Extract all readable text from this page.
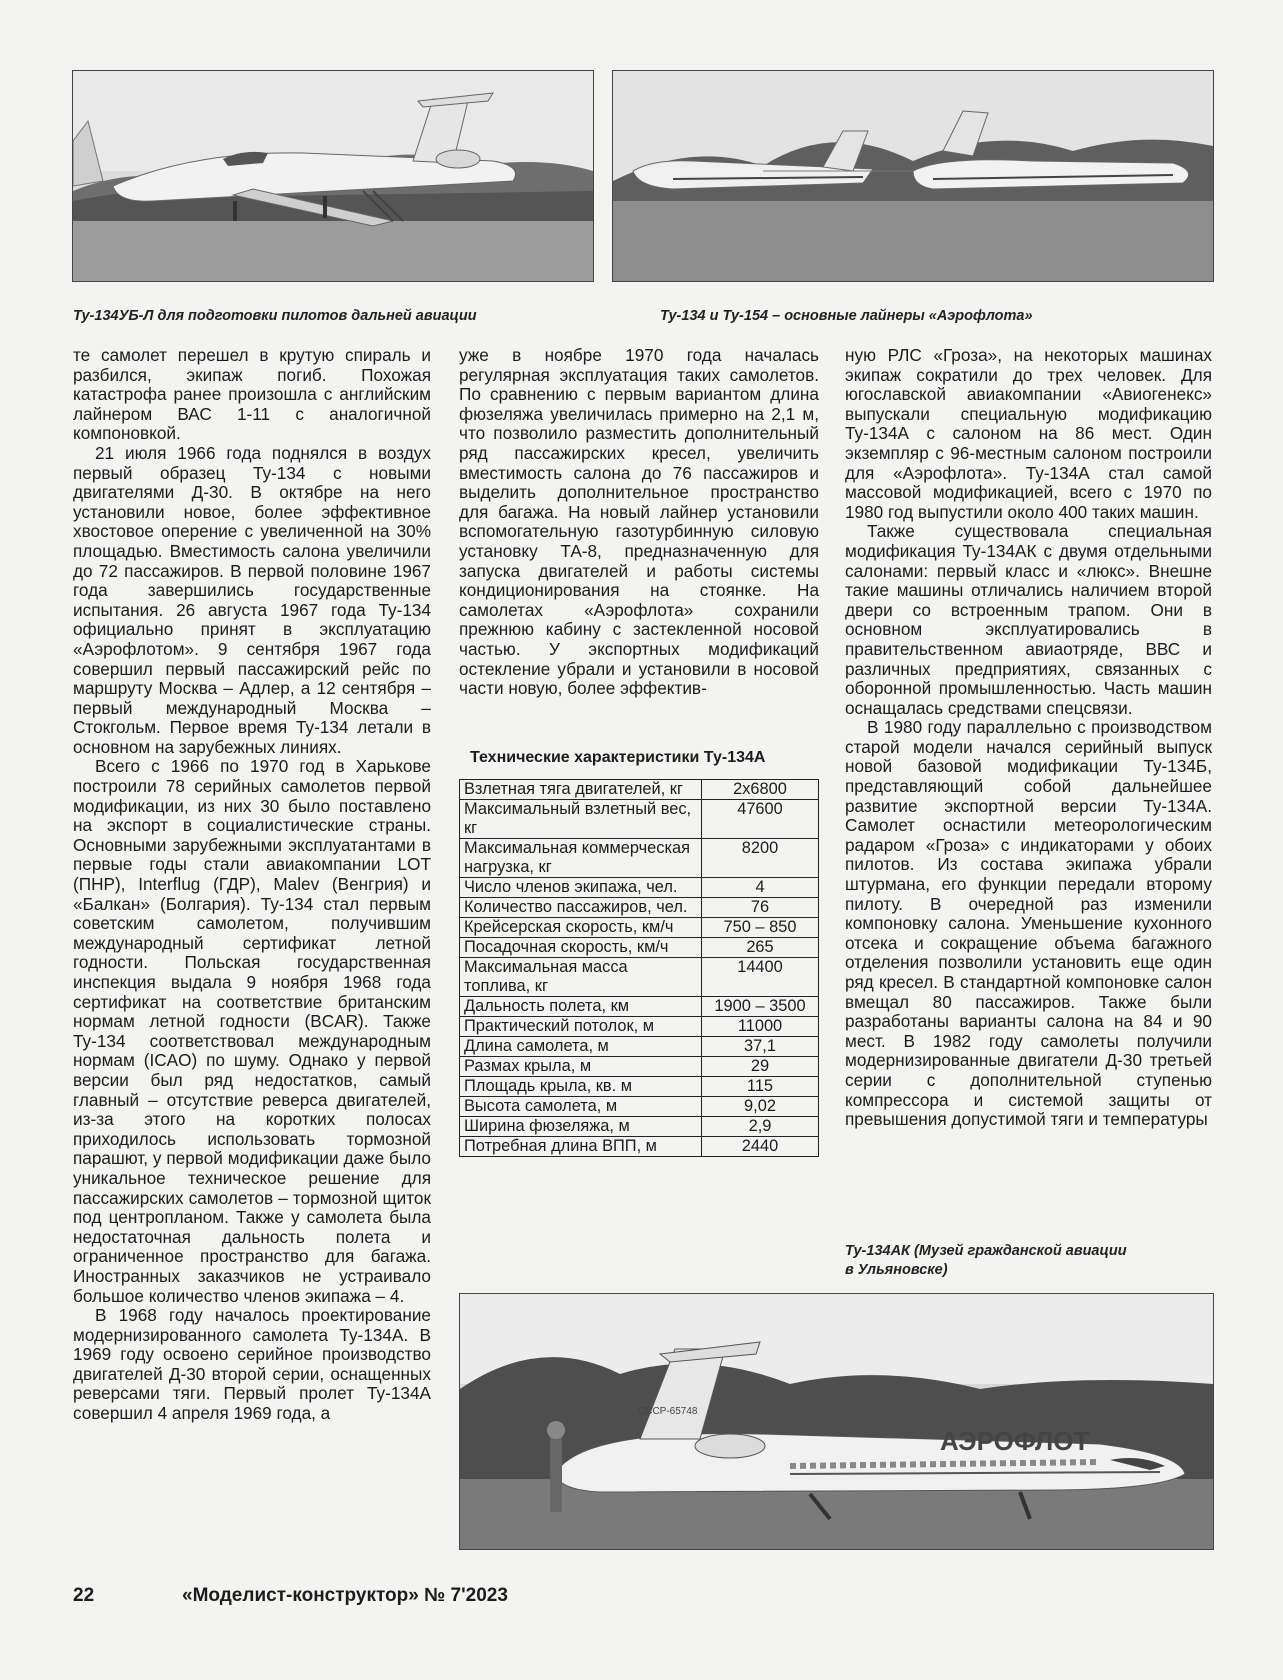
Ту-134УБ-Л для подготовки пилотов дальней авиации	Ту-134 и Ту-154 – основные лайнеры «Аэрофлота»

те самолет перешел в крутую спираль и разбился, экипаж погиб. Похожая катастрофа ранее произошла с английским лайнером ВАС 1-11 с аналогичной компоновкой.

21 июля 1966 года поднялся в воздух первый образец Ту-134 с новыми двигателями Д-30. В октябре на него установили новое, более эффективное хвостовое оперение с увеличенной на 30% площадью. Вместимость салона увеличили до 72 пассажиров. В первой половине 1967 года завершились государственные испытания. 26 августа 1967 года Ту-134 официально принят в эксплуатацию «Аэрофлотом». 9 сентября 1967 года совершил первый пассажирский рейс по маршруту Москва – Адлер, а 12 сентября – первый международный Москва – Стокгольм. Первое время Ту-134 летали в основном на зарубежных линиях.

Всего с 1966 по 1970 год в Харькове построили 78 серийных самолетов первой модификации, из них 30 было поставлено на экспорт в социалистические страны. Основными зарубежными эксплуатантами в первые годы стали авиакомпании LOT (ПНР), Interflug (ГДР), Malev (Венгрия) и «Балкан» (Болгария). Ту-134 стал первым советским самолетом, получившим международный сертификат летной годности. Польская государственная инспекция выдала 9 ноября 1968 года сертификат на соответствие британским нормам летной годности (BCAR). Также Ту-134 соответствовал международным нормам (ICAO) по шуму. Однако у первой версии был ряд недостатков, самый главный – отсутствие реверса двигателей, из-за этого на коротких полосах приходилось использовать тормозной парашют, у первой модификации даже было уникальное техническое решение для пассажирских самолетов – тормозной щиток под центропланом. Также у самолета была недостаточная дальность полета и ограниченное пространство для багажа. Иностранных заказчиков не устраивало большое количество членов экипажа – 4.

В 1968 году началось проектирование модернизированного самолета Ту-134А. В 1969 году освоено серийное производство двигателей Д-30 второй серии, оснащенных реверсами тяги. Первый пролет Ту-134А совершил 4 апреля 1969 года, а

уже в ноябре 1970 года началась регулярная эксплуатация таких самолетов. По сравнению с первым вариантом длина фюзеляжа увеличилась примерно на 2,1 м, что позволило разместить дополнительный ряд пассажирских кресел, увеличить вместимость салона до 76 пассажиров и выделить дополнительное пространство для багажа. На новый лайнер установили вспомогательную газотурбинную силовую установку ТА-8, предназначенную для запуска двигателей и работы системы кондиционирования на стоянке. На самолетах «Аэрофлота» сохранили прежнюю кабину с застекленной носовой частью. У экспортных модификаций остекление убрали и установили в носовой части новую, более эффектив-

Технические характеристики Ту-134А
Взлетная тяга двигателей, кг	2х6800
Максимальный взлетный вес, кг	47600
Максимальная коммерческая нагрузка, кг	8200
Число членов экипажа, чел.	4
Количество пассажиров, чел.	76
Крейсерская скорость, км/ч	750 – 850
Посадочная скорость, км/ч	265
Максимальная масса топлива, кг	14400
Дальность полета, км	1900 – 3500
Практический потолок, м	11000
Длина самолета, м	37,1
Размах крыла, м	29
Площадь крыла, кв. м	115
Высота самолета, м	9,02
Ширина фюзеляжа, м	2,9
Потребная длина ВПП, м	2440

ную РЛС «Гроза», на некоторых машинах экипаж сократили до трех человек. Для югославской авиакомпании «Авиогенекс» выпускали специальную модификацию Ту-134А с салоном на 86 мест. Один экземпляр с 96-местным салоном построили для «Аэрофлота». Ту-134А стал самой массовой модификацией, всего с 1970 по 1980 год выпустили около 400 таких машин.

Также существовала специальная модификация Ту-134АК с двумя отдельными салонами: первый класс и «люкс». Внешне такие машины отличались наличием второй двери со встроенным трапом. Они в основном эксплуатировались в правительственном авиаотряде, ВВС и различных предприятиях, связанных с оборонной промышленностью. Часть машин оснащалась средствами спецсвязи.

В 1980 году параллельно с производством старой модели начался серийный выпуск новой базовой модификации Ту-134Б, представляющий собой дальнейшее развитие экспортной версии Ту-134А. Самолет оснастили метеорологическим радаром «Гроза» с индикаторами у обоих пилотов. Из состава экипажа убрали штурмана, его функции передали второму пилоту. В очередной раз изменили компоновку салона. Уменьшение кухонного отсека и сокращение объема багажного отделения позволили установить еще один ряд кресел. В стандартной компоновке салон вмещал 80 пассажиров. Также были разработаны варианты салона на 84 и 90 мест. В 1982 году самолеты получили модернизированные двигатели Д-30 третьей серии с дополнительной ступенью компрессора и системой защиты от превышения допустимой тяги и температуры

Ту-134АК (Музей гражданской авиации
в Ульяновске)
АЭРОФЛОТ
СССР-65748
22	«Моделист-конструктор» № 7'2023
